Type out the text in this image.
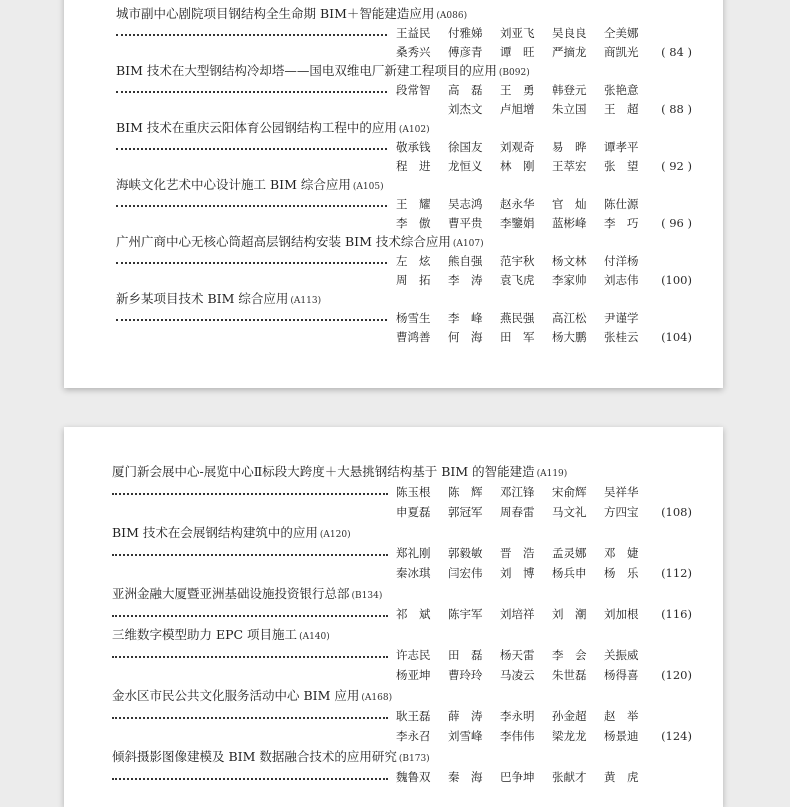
城市副中心剧院项目钢结构全生命期 BIM＋智能建造应用 (A086)
王益民	付雅娣	刘亚飞	吴良良	仝美娜
桑秀兴	傅彦青	谭　旺	严摘龙	商凯光	( 84 )
BIM 技术在大型钢结构冷却塔——国电双维电厂新建工程项目的应用 (B092)
段常智	高　磊	王　勇	韩登元	张艳意
刘杰文	卢旭增	朱立国	王　超	( 88 )
BIM 技术在重庆云阳体育公园钢结构工程中的应用 (A102)
敬承钱	徐国友	刘观奇	易　晔	谭孝平
程　进	龙恒义	林　刚	王萃宏	张　望	( 92 )
海峡文化艺术中心设计施工 BIM 综合应用 (A105)
王　耀	吴志鸿	赵永华	官　灿	陈仕源
李　傲	曹平贵	李鑒娟	蓝彬峰	李　巧	( 96 )
广州广商中心无核心筒超高层钢结构安装 BIM 技术综合应用 (A107)
左　炫	熊自强	范宇秋	杨文林	付洋杨
周　拓	李　涛	袁飞虎	李家帅	刘志伟	(100)
新乡某项目技术 BIM 综合应用 (A113)
杨雪生	李　峰	燕民强	高江松	尹谨学
曹鸿善	何　海	田　军	杨大鹏	张桂云	(104)
厦门新会展中心-展览中心Ⅱ标段大跨度＋大悬挑钢结构基于 BIM 的智能建造 (A119)
陈玉根	陈　辉	邓江锋	宋俞辉	吴祥华
申夏磊	郭冠军	周春雷	马文礼	方四宝	(108)
BIM 技术在会展钢结构建筑中的应用 (A120)
郑礼刚	郭毅敏	晋　浩	孟灵娜	邓　婕
秦冰琪	闫宏伟	刘　博	杨兵申	杨　乐	(112)
亚洲金融大厦暨亚洲基础设施投资银行总部 (B134)
祁　斌	陈宇军	刘培祥	刘　潮	刘加根	(116)
三维数字模型助力 EPC 项目施工 (A140)
许志民	田　磊	杨天雷	李　会	关振威
杨亚坤	曹玲玲	马凌云	朱世磊	杨得喜	(120)
金水区市民公共文化服务活动中心 BIM 应用 (A168)
耿王磊	薛　涛	李永明	孙金超	赵　举
李永召	刘雪峰	李伟伟	梁龙龙	杨景迪	(124)
倾斜摄影图像建模及 BIM 数据融合技术的应用研究 (B173)
魏鲁双	秦　海	巴争坤	张献才	黄　虎
